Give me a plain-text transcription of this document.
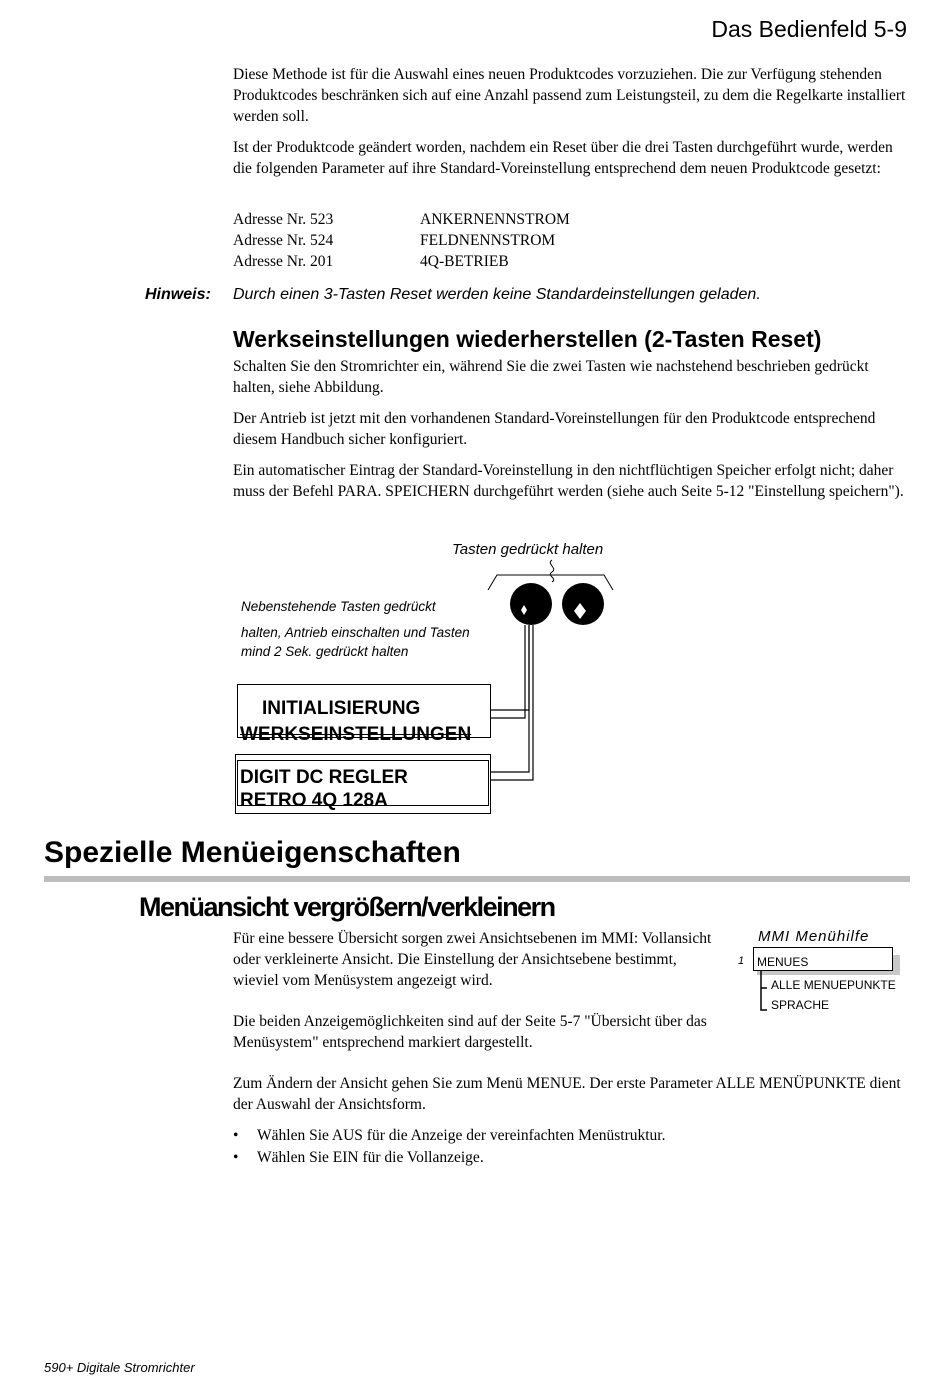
Das Bedienfeld 5-9

Diese Methode ist für die Auswahl eines neuen Produktcodes vorzuziehen. Die zur Verfügung stehenden Produktcodes beschränken sich auf eine Anzahl passend zum Leistungsteil, zu dem die Regelkarte installiert werden soll.

Ist der Produktcode geändert worden, nachdem ein Reset über die drei Tasten durchgeführt wurde, werden die folgenden Parameter auf ihre Standard-Voreinstellung entsprechend dem neuen Produktcode gesetzt:

Adresse Nr. 523	ANKERNENNSTROM
Adresse Nr. 524	FELDNENNSTROM
Adresse Nr. 201	4Q-BETRIEB
Hinweis: Durch einen 3-Tasten Reset werden keine Standardeinstellungen geladen.
Werkseinstellungen wiederherstellen (2-Tasten Reset)

Schalten Sie den Stromrichter ein, während Sie die zwei Tasten wie nachstehend beschrieben gedrückt halten, siehe Abbildung.

Der Antrieb ist jetzt mit den vorhandenen Standard-Voreinstellungen für den Produktcode entsprechend diesem Handbuch sicher konfiguriert.

Ein automatischer Eintrag der Standard-Voreinstellung in den nichtflüchtigen Speicher erfolgt nicht; daher muss der Befehl PARA. SPEICHERN durchgeführt werden (siehe auch Seite 5-12 "Einstellung speichern").

Tasten gedrückt halten
Nebenstehende Tasten gedrückt
halten, Antrieb einschalten und Tasten
mind 2 Sek. gedrückt halten
INITIALISIERUNG
WERKSEINSTELLUNGEN
DIGIT DC REGLER
RETRO 4Q 128A
Spezielle Menüeigenschaften
Menüansicht vergrößern/verkleinern

Für eine bessere Übersicht sorgen zwei Ansichtsebenen im MMI: Vollansicht oder verkleinerte Ansicht. Die Einstellung der Ansichtsebene bestimmt, wieviel vom Menüsystem angezeigt wird.

Die beiden Anzeigemöglichkeiten sind auf der Seite 5-7 "Übersicht über das Menüsystem" entsprechend markiert dargestellt.

Zum Ändern der Ansicht gehen Sie zum Menü MENUE. Der erste Parameter ALLE MENÜPUNKTE dient der Auswahl der Ansichtsform.

• Wählen Sie AUS für die Anzeige der vereinfachten Menüstruktur.
• Wählen Sie EIN für die Vollanzeige.
MMI Menühilfe
1 MENUES
ALLE MENUEPUNKTE
SPRACHE
590+ Digitale Stromrichter
